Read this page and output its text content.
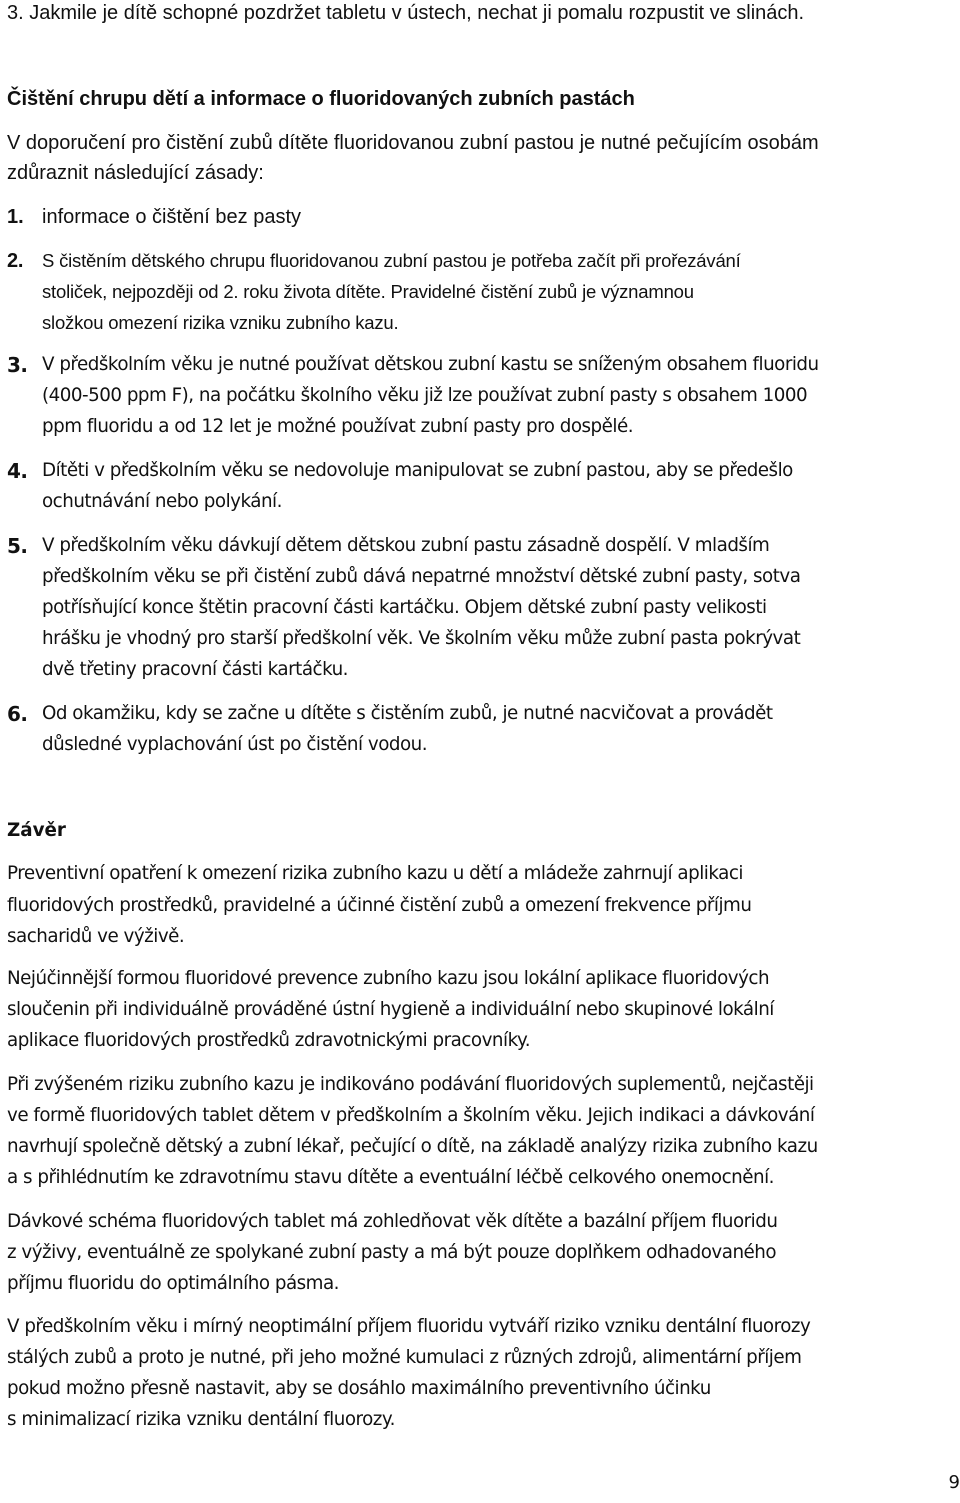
3. Jakmile je dítě schopné pozdržet tabletu v ústech, nechat ji pomalu rozpustit ve slinách.

Čištění chrupu dětí a informace o fluoridovaných zubních pastách

V doporučení pro čistění zubů dítěte fluoridovanou zubní pastou je nutné pečujícím osobám

zdůraznit následující zásady:

1. informace o čištění bez pasty
2. S čistěním dětského chrupu fluoridovanou zubní pastou je potřeba začít při prořezávání
stoliček, nejpozději od 2. roku života dítěte. Pravidelné čistění zubů je významnou
složkou omezení rizika vzniku zubního kazu.
3. V předškolním věku je nutné používat dětskou zubní kastu se sníženým obsahem fluoridu
(400-500 ppm F), na počátku školního věku již lze používat zubní pasty s obsahem 1000
ppm fluoridu a od 12 let je možné používat zubní pasty pro dospělé.
4. Dítěti v předškolním věku se nedovoluje manipulovat se zubní pastou, aby se předešlo
ochutnávání nebo polykání.
5. V předškolním věku dávkují dětem dětskou zubní pastu zásadně dospělí. V mladším
předškolním věku se při čistění zubů dává nepatrné množství dětské zubní pasty, sotva
potřísňující konce štětin pracovní části kartáčku. Objem dětské zubní pasty velikosti
hrášku je vhodný pro starší předškolní věk. Ve školním věku může zubní pasta pokrývat
dvě třetiny pracovní části kartáčku.
6. Od okamžiku, kdy se začne u dítěte s čistěním zubů, je nutné nacvičovat a provádět
důsledné vyplachování úst po čistění vodou.

Závěr

Preventivní opatření k omezení rizika zubního kazu u dětí a mládeže zahrnují aplikaci

fluoridových prostředků, pravidelné a účinné čistění zubů a omezení frekvence příjmu

sacharidů ve výživě.

Nejúčinnější formou fluoridové prevence zubního kazu jsou lokální aplikace fluoridových

sloučenin při individuálně prováděné ústní hygieně a individuální nebo skupinové lokální

aplikace fluoridových prostředků zdravotnickými pracovníky.

Při zvýšeném riziku zubního kazu je indikováno podávání fluoridových suplementů, nejčastěji

ve formě fluoridových tablet dětem v předškolním a školním věku. Jejich indikaci a dávkování

navrhují společně dětský a zubní lékař, pečující o dítě, na základě analýzy rizika zubního kazu

a s přihlédnutím ke zdravotnímu stavu dítěte a eventuální léčbě celkového onemocnění.

Dávkové schéma fluoridových tablet má zohledňovat věk dítěte a bazální příjem fluoridu

z výživy, eventuálně ze spolykané zubní pasty a má být pouze doplňkem odhadovaného

příjmu fluoridu do optimálního pásma.

V předškolním věku i mírný neoptimální příjem fluoridu vytváří riziko vzniku dentální fluorozy

stálých zubů a proto je nutné, při jeho možné kumulaci z různých zdrojů, alimentární příjem

pokud možno přesně nastavit, aby se dosáhlo maximálního preventivního účinku

s minimalizací rizika vzniku dentální fluorozy.

9
